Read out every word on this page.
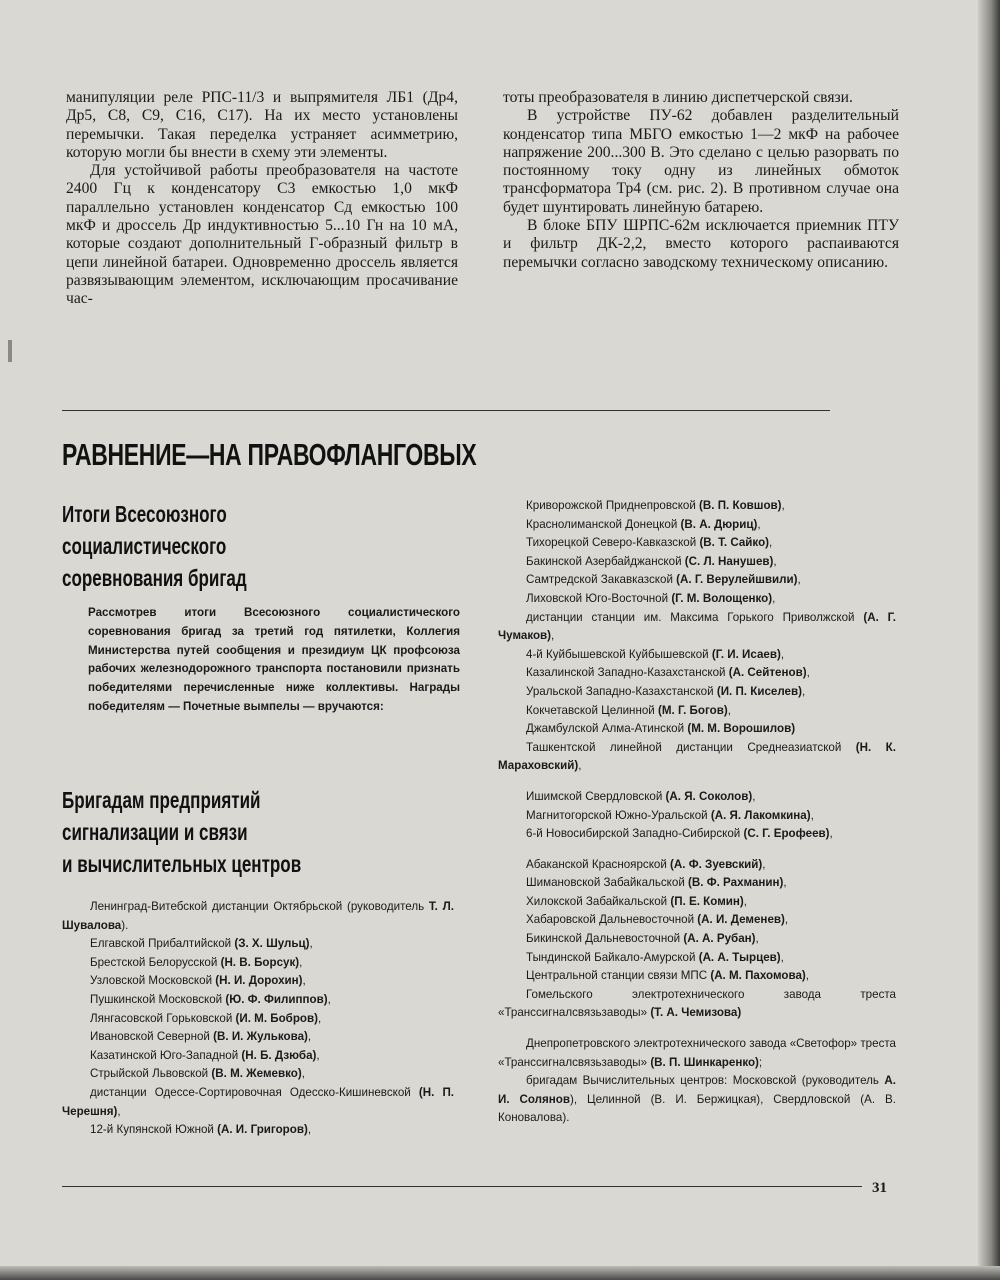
манипуляции реле РПС-11/3 и выпрямителя ЛБ1 (Др4, Др5, С8, С9, С16, С17). На их место установлены перемычки. Такая переделка устраняет асимметрию, которую могли бы внести в схему эти элементы.

Для устойчивой работы преобразователя на частоте 2400 Гц к конденсатору С3 емкостью 1,0 мкФ параллельно установлен конденсатор Сд емкостью 100 мкФ и дроссель Др индуктивностью 5...10 Гн на 10 мА, которые создают дополнительный Г-образный фильтр в цепи линейной батареи. Одновременно дроссель является развязывающим элементом, исключающим просачивание час-

тоты преобразователя в линию диспетчерской связи.

В устройстве ПУ-62 добавлен разделительный конденсатор типа МБГО емкостью 1—2 мкФ на рабочее напряжение 200...300 В. Это сделано с целью разорвать по постоянному току одну из линейных обмоток трансформатора Тр4 (см. рис. 2). В противном случае она будет шунтировать линейную батарею.

В блоке БПУ ШРПС-62м исключается приемник ПТУ и фильтр ДК-2,2, вместо которого распаиваются перемычки согласно заводскому техническому описанию.

РАВНЕНИЕ—НА ПРАВОФЛАНГОВЫХ
Итоги Всесоюзного
социалистического
соревнования бригад

Рассмотрев итоги Всесоюзного социалистического соревнования бригад за третий год пятилетки, Коллегия Министерства путей сообщения и президиум ЦК профсоюза рабочих железнодорожного транспорта постановили признать победителями перечисленные ниже коллективы. Награды победителям — Почетные вымпелы — вручаются:

Бригадам предприятий
сигнализации и связи
и вычислительных центров
Ленинград-Витебской дистанции Октябрьской (руководитель Т. Л. Шувалова).
Елгавской Прибалтийской (З. Х. Шульц),
Брестской Белорусской (Н. В. Борсук),
Узловской Московской (Н. И. Дорохин),
Пушкинской Московской (Ю. Ф. Филиппов),
Лянгасовской Горьковской (И. М. Бобров),
Ивановской Северной (В. И. Жулькова),
Казатинской Юго-Западной (Н. Б. Дзюба),
Стрыйской Львовской (В. М. Жемевко),
дистанции Одессе-Сортировочная Одесско-Кишиневской (Н. П. Черешня),
12-й Купянской Южной (А. И. Григоров),
Криворожской Приднепровской (В. П. Ковшов),
Краснолиманской Донецкой (В. А. Дюриц),
Тихорецкой Северо-Кавказской (В. Т. Сайко),
Бакинской Азербайджанской (С. Л. Нанушев),
Самтредской Закавказской (А. Г. Верулейшвили),
Лиховской Юго-Восточной (Г. М. Волощенко),
дистанции станции им. Максима Горького Приволжской (А. Г. Чумаков),
4-й Куйбышевской Куйбышевской (Г. И. Исаев),
Казалинской Западно-Казахстанской (А. Сейтенов),
Уральской Западно-Казахстанской (И. П. Киселев),
Кокчетавской Целинной (М. Г. Богов),
Джамбулской Алма-Атинской (М. М. Ворошилов)
Ташкентской линейной дистанции Среднеазиатской (Н. К. Мараховский),
Ишимской Свердловской (А. Я. Соколов),
Магнитогорской Южно-Уральской (А. Я. Лакомкина),
6-й Новосибирской Западно-Сибирской (С. Г. Ерофеев),
Абаканской Красноярской (А. Ф. Зуевский),
Шимановской Забайкальской (В. Ф. Рахманин),
Хилокской Забайкальской (П. Е. Комин),
Хабаровской Дальневосточной (А. И. Деменев),
Бикинской Дальневосточной (А. А. Рубан),
Тындинской Байкало-Амурской (А. А. Тырцев),
Центральной станции связи МПС (А. М. Пахомова),
Гомельского электротехнического завода треста «Транссигналсвязьзаводы» (Т. А. Чемизова)
Днепропетровского электротехнического завода «Светофор» треста «Транссигналсвязьзаводы» (В. П. Шинкаренко);
бригадам Вычислительных центров: Московской (руководитель А. И. Солянов), Целинной (В. И. Бержицкая), Свердловской (А. В. Коновалова).
31
